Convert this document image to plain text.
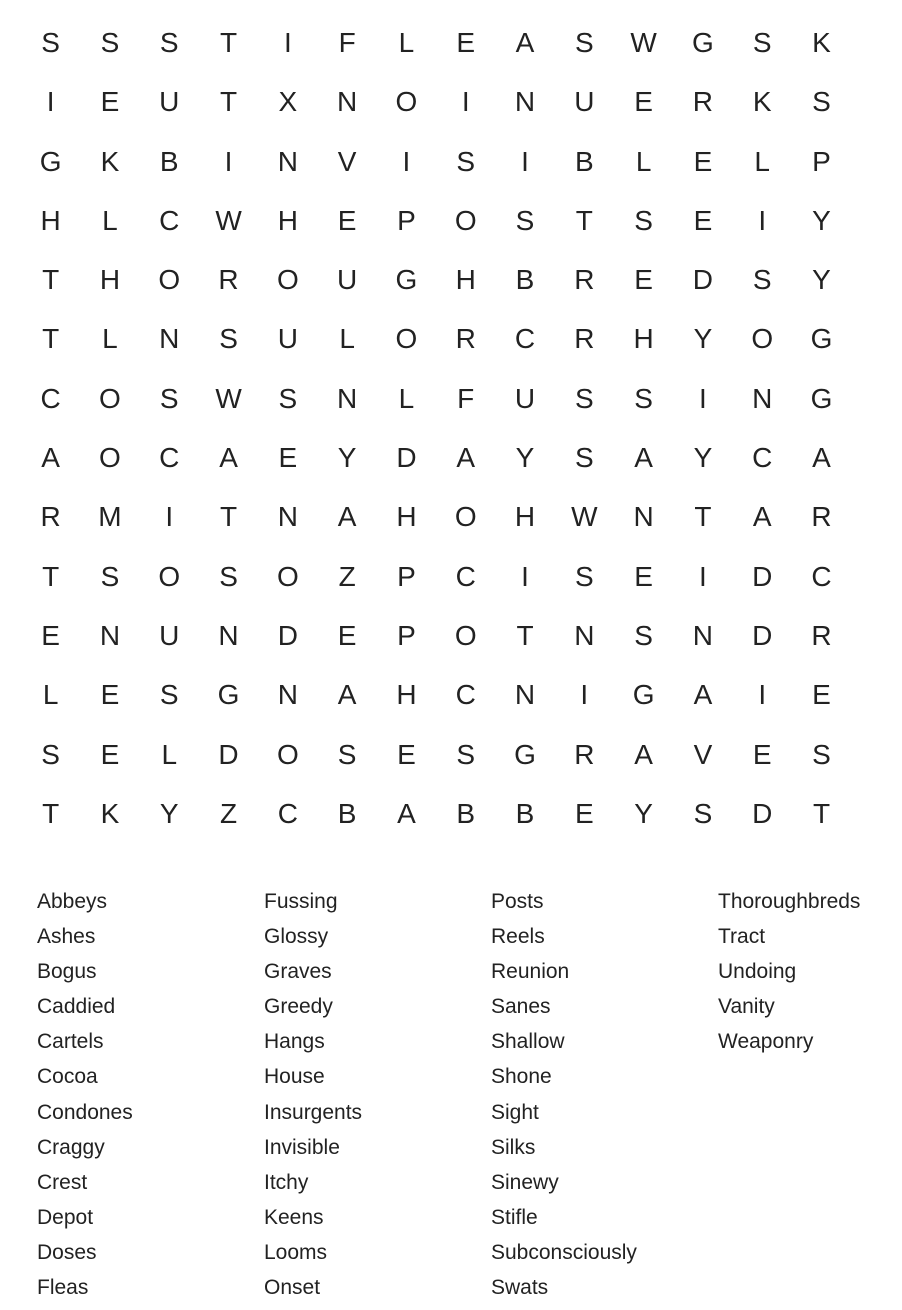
S	S	S	T	I	F	L	E	A	S	W	G	S	K
I	E	U	T	X	N	O	I	N	U	E	R	K	S
G	K	B	I	N	V	I	S	I	B	L	E	L	P
H	L	C	W	H	E	P	O	S	T	S	E	I	Y
T	H	O	R	O	U	G	H	B	R	E	D	S	Y
T	L	N	S	U	L	O	R	C	R	H	Y	O	G
C	O	S	W	S	N	L	F	U	S	S	I	N	G
A	O	C	A	E	Y	D	A	Y	S	A	Y	C	A
R	M	I	T	N	A	H	O	H	W	N	T	A	R
T	S	O	S	O	Z	P	C	I	S	E	I	D	C
E	N	U	N	D	E	P	O	T	N	S	N	D	R
L	E	S	G	N	A	H	C	N	I	G	A	I	E
S	E	L	D	O	S	E	S	G	R	A	V	E	S
T	K	Y	Z	C	B	A	B	B	E	Y	S	D	T
Abbeys
Ashes
Bogus
Caddied
Cartels
Cocoa
Condones
Craggy
Crest
Depot
Doses
Fleas
Fussing
Glossy
Graves
Greedy
Hangs
House
Insurgents
Invisible
Itchy
Keens
Looms
Onset
Posts
Reels
Reunion
Sanes
Shallow
Shone
Sight
Silks
Sinewy
Stifle
Subconsciously
Swats
Thoroughbreds
Tract
Undoing
Vanity
Weaponry
